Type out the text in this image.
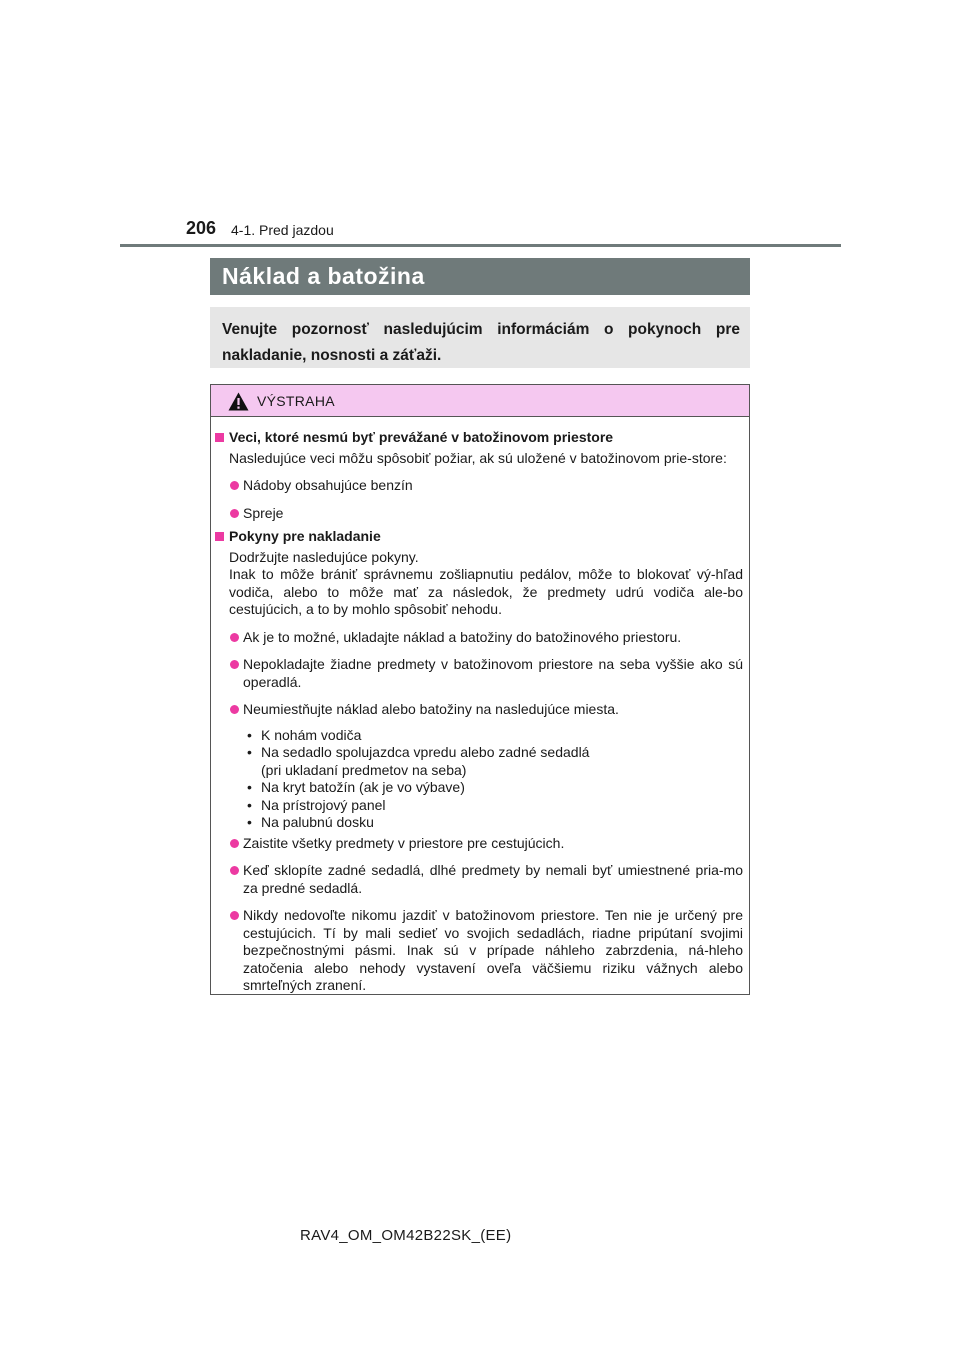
206 4-1. Pred jazdou
Náklad a batožina

Venujte pozornosť nasledujúcim informáciám o pokynoch pre nakladanie, nosnosti a záťaži.

VÝSTRAHA
Veci, ktoré nesmú byť prevážané v batožinovom priestore
Nasledujúce veci môžu spôsobiť požiar, ak sú uložené v batožinovom prie-store:
Nádoby obsahujúce benzín
Spreje
Pokyny pre nakladanie
Dodržujte nasledujúce pokyny.
Inak to môže brániť správnemu zošliapnutiu pedálov, môže to blokovať vý-hľad vodiča, alebo to môže mať za následok, že predmety udrú vodiča ale-bo cestujúcich, a to by mohlo spôsobiť nehodu.
Ak je to možné, ukladajte náklad a batožiny do batožinového priestoru.
Nepokladajte žiadne predmety v batožinovom priestore na seba vyššie ako sú operadlá.
Neumiestňujte náklad alebo batožiny na nasledujúce miesta.
• K nohám vodiča
• Na sedadlo spolujazdca vpredu alebo zadné sedadlá
(pri ukladaní predmetov na seba)
• Na kryt batožín (ak je vo výbave)
• Na prístrojový panel
• Na palubnú dosku
Zaistite všetky predmety v priestore pre cestujúcich.
Keď sklopíte zadné sedadlá, dlhé predmety by nemali byť umiestnené pria-mo za predné sedadlá.
Nikdy nedovoľte nikomu jazdiť v batožinovom priestore. Ten nie je určený pre cestujúcich. Tí by mali sedieť vo svojich sedadlách, riadne pripútaní svojimi bezpečnostnými pásmi. Inak sú v prípade náhleho zabrzdenia, ná-hleho zatočenia alebo nehody vystavení oveľa väčšiemu riziku vážnych alebo smrteľných zranení.
RAV4_OM_OM42B22SK_(EE)
